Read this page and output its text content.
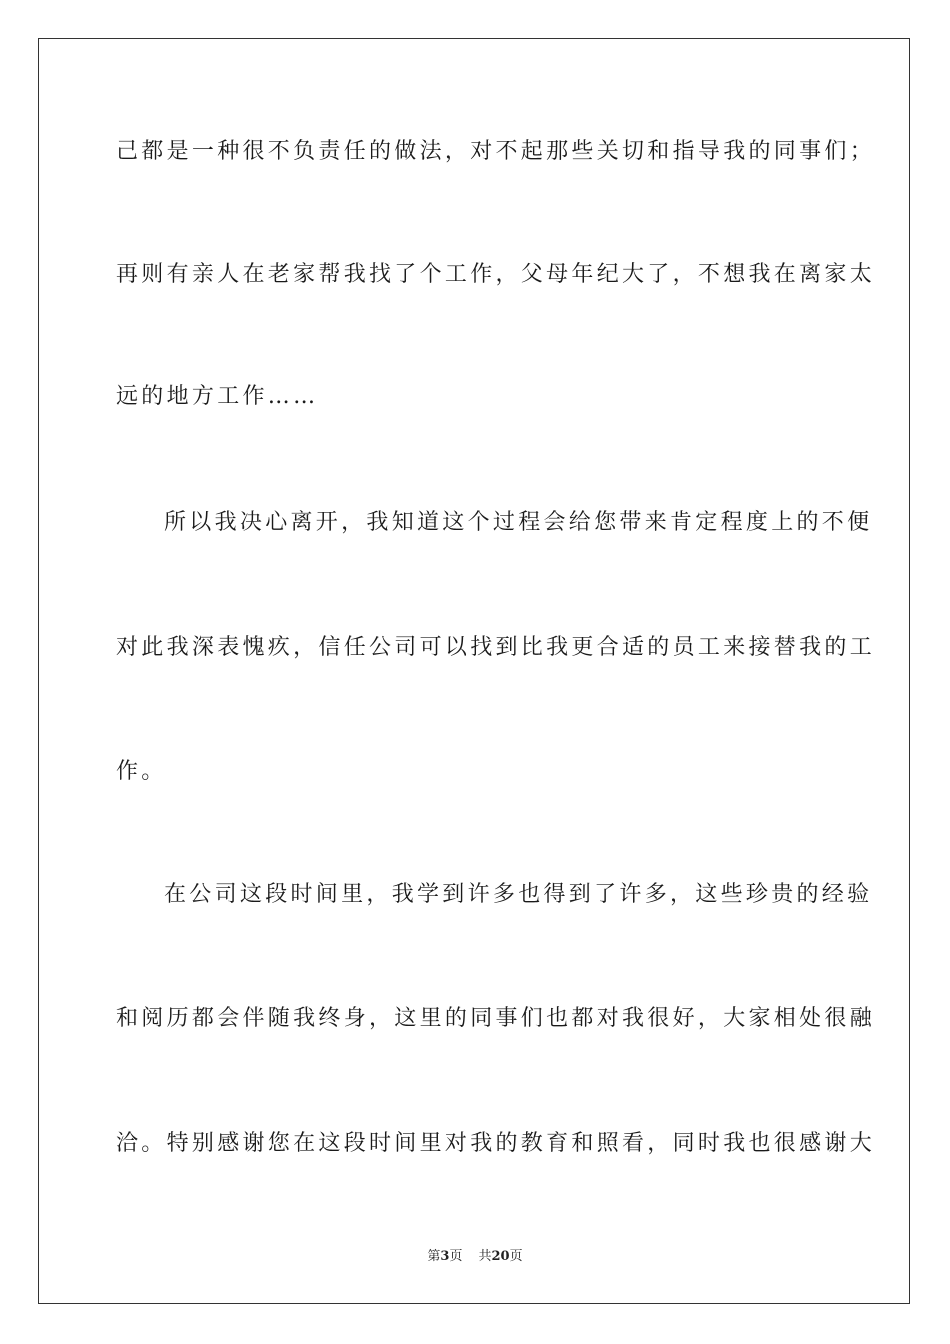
己都是一种很不负责任的做法，对不起那些关切和指导我的同事们；
再则有亲人在老家帮我找了个工作，父母年纪大了，不想我在离家太
远的地方工作……
所以我决心离开，我知道这个过程会给您带来肯定程度上的不便
对此我深表愧疚，信任公司可以找到比我更合适的员工来接替我的工
作。
在公司这段时间里，我学到许多也得到了许多，这些珍贵的经验
和阅历都会伴随我终身，这里的同事们也都对我很好，大家相处很融
洽。特别感谢您在这段时间里对我的教育和照看，同时我也很感谢大
第3页 共20页
